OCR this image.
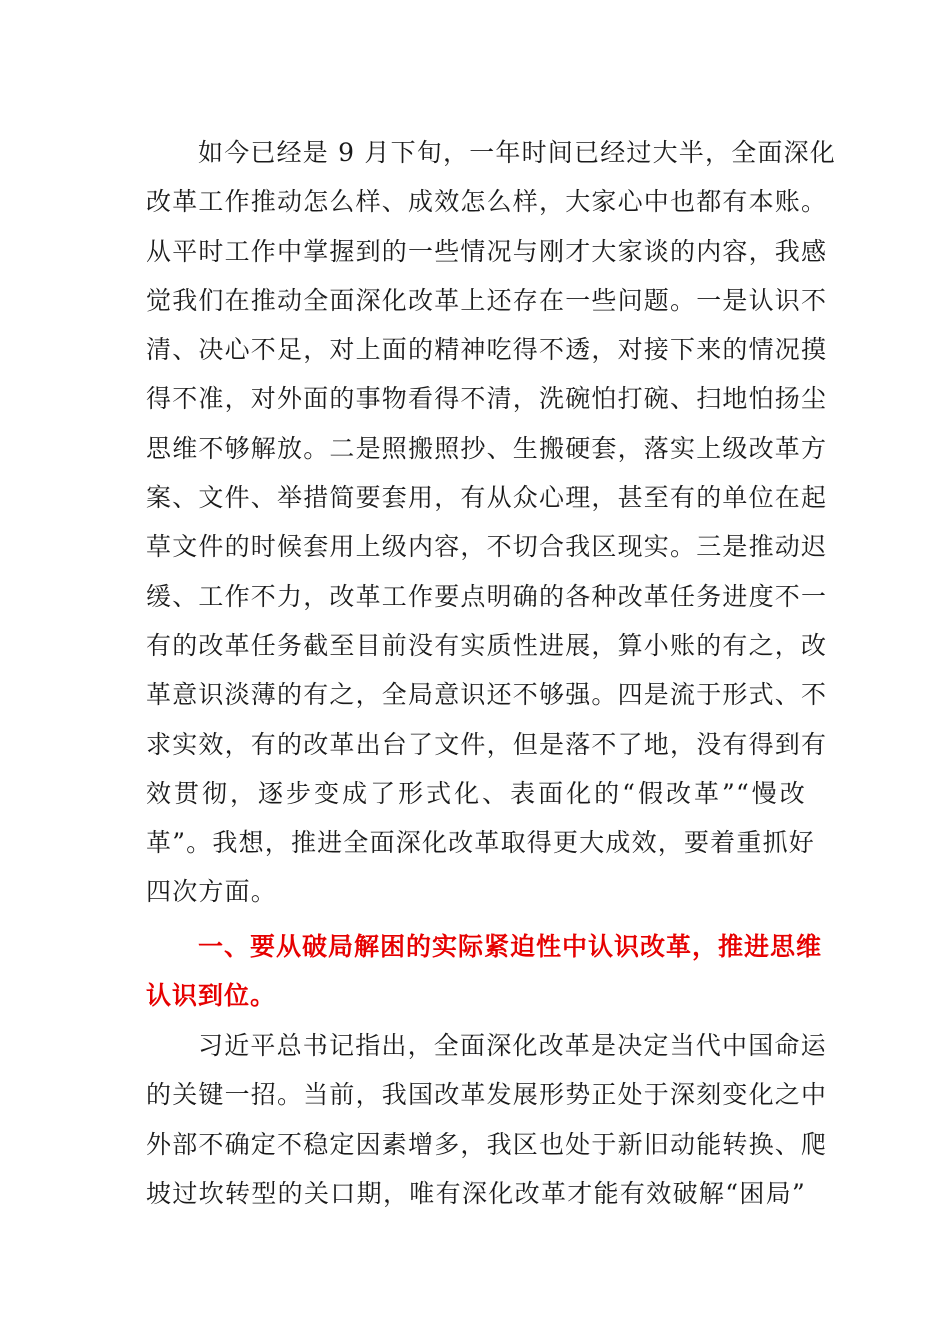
如今已经是 9 月下旬，一年时间已经过大半，全面深化
改革工作推动怎么样、成效怎么样，大家心中也都有本账。
从平时工作中掌握到的一些情况与刚才大家谈的内容，我感
觉我们在推动全面深化改革上还存在一些问题。一是认识不
清、决心不足，对上面的精神吃得不透，对接下来的情况摸
得不准，对外面的事物看得不清，洗碗怕打碗、扫地怕扬尘
思维不够解放。二是照搬照抄、生搬硬套，落实上级改革方
案、文件、举措简要套用，有从众心理，甚至有的单位在起
草文件的时候套用上级内容，不切合我区现实。三是推动迟
缓、工作不力，改革工作要点明确的各种改革任务进度不一
有的改革任务截至目前没有实质性进展，算小账的有之，改
革意识淡薄的有之，全局意识还不够强。四是流于形式、不
求实效，有的改革出台了文件，但是落不了地，没有得到有
效贯彻，逐步变成了形式化、表面化的“假改革”“慢改
革”。我想，推进全面深化改革取得更大成效，要着重抓好
四次方面。
一、要从破局解困的实际紧迫性中认识改革，推进思维
认识到位。
习近平总书记指出，全面深化改革是决定当代中国命运
的关键一招。当前，我国改革发展形势正处于深刻变化之中
外部不确定不稳定因素增多，我区也处于新旧动能转换、爬
坡过坎转型的关口期，唯有深化改革才能有效破解“困局”
